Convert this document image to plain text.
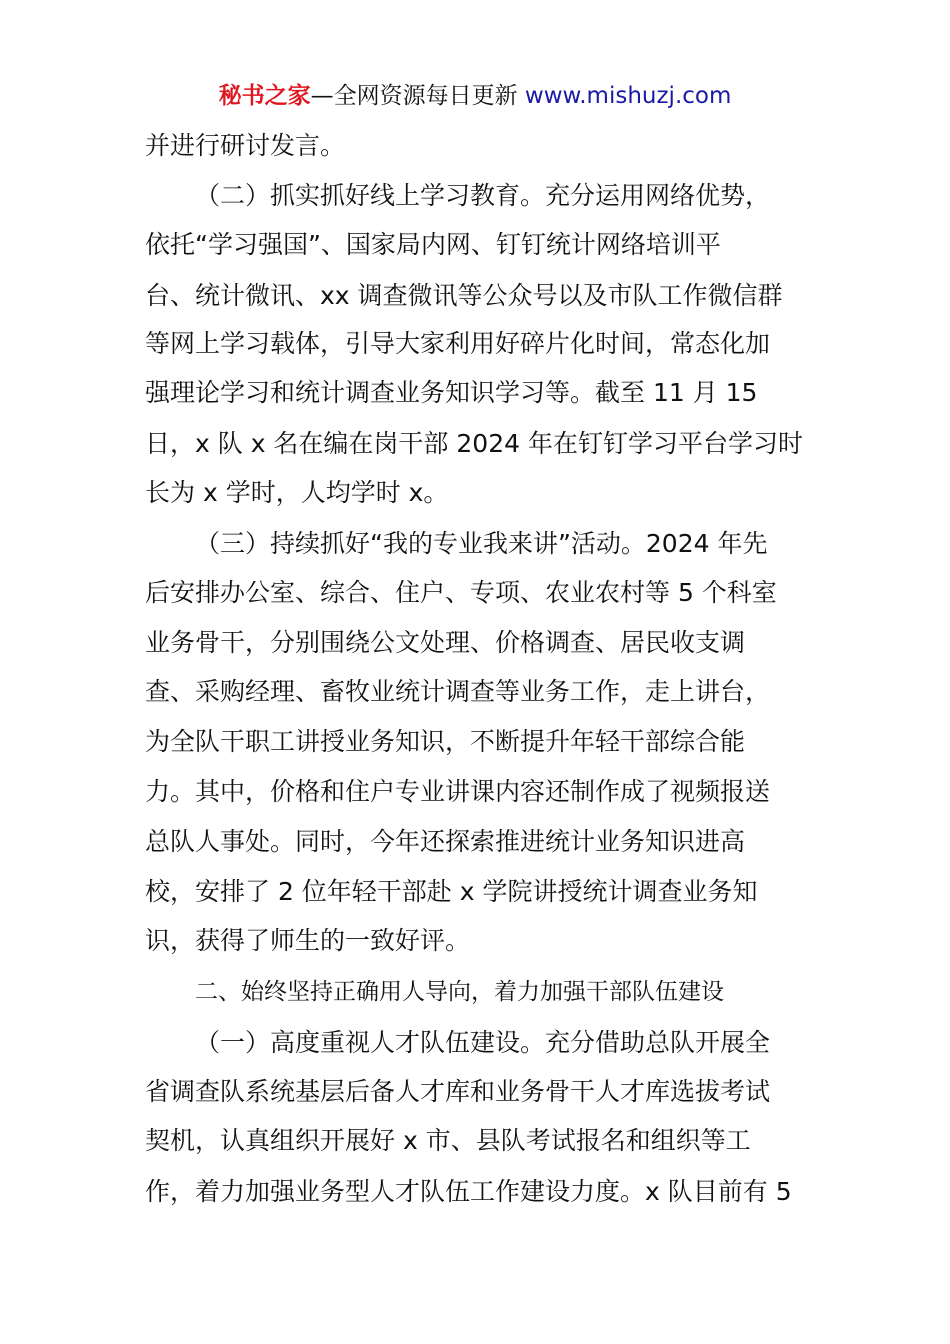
秘书之家—全网资源每日更新 www.mishuzj.com
并进行研讨发言。
（二）抓实抓好线上学习教育。充分运用网络优势，
依托“学习强国”、国家局内网、钉钉统计网络培训平
台、统计微讯、xx 调查微讯等公众号以及市队工作微信群
等网上学习载体，引导大家利用好碎片化时间，常态化加
强理论学习和统计调查业务知识学习等。截至 11 月 15
日，x 队 x 名在编在岗干部 2024 年在钉钉学习平台学习时
长为 x 学时，人均学时 x。
（三）持续抓好“我的专业我来讲”活动。2024 年先
后安排办公室、综合、住户、专项、农业农村等 5 个科室
业务骨干，分别围绕公文处理、价格调查、居民收支调
查、采购经理、畜牧业统计调查等业务工作，走上讲台，
为全队干职工讲授业务知识，不断提升年轻干部综合能
力。其中，价格和住户专业讲课内容还制作成了视频报送
总队人事处。同时，今年还探索推进统计业务知识进高
校，安排了 2 位年轻干部赴 x 学院讲授统计调查业务知
识，获得了师生的一致好评。
二、始终坚持正确用人导向，着力加强干部队伍建设
（一）高度重视人才队伍建设。充分借助总队开展全
省调查队系统基层后备人才库和业务骨干人才库选拔考试
契机，认真组织开展好 x 市、县队考试报名和组织等工
作，着力加强业务型人才队伍工作建设力度。x 队目前有 5
